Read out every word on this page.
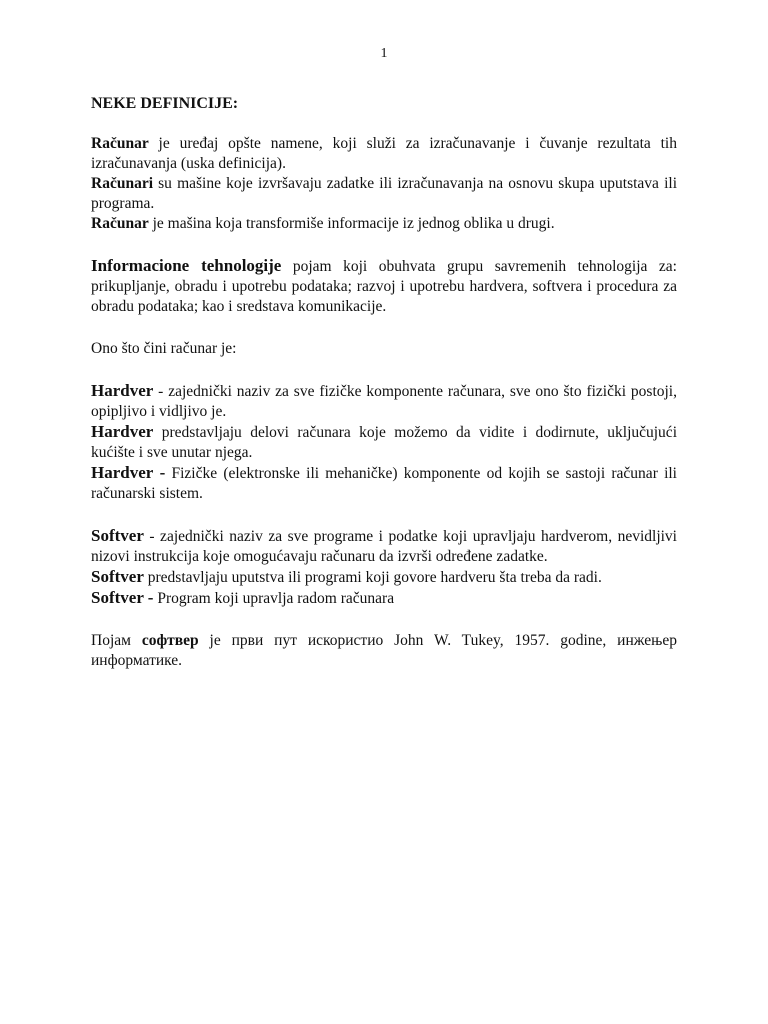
1

NEKE DEFINICIJE:

Računar je uređaj opšte namene, koji služi za izračunavanje i čuvanje rezultata tih izračunavanja (uska definicija).

Računari su mašine koje izvršavaju zadatke ili izračunavanja na osnovu skupa uputstava ili programa.

Računar je mašina koja transformiše informacije iz jednog oblika u drugi.

Informacione tehnologije pojam koji obuhvata grupu savremenih tehnologija za: prikupljanje, obradu i upotrebu podataka; razvoj i upotrebu hardvera, softvera i procedura za obradu podataka; kao i sredstava komunikacije.

Ono što čini računar je:

Hardver - zajednički naziv za sve fizičke komponente računara, sve ono što fizički postoji, opipljivo i vidljivo je.

Hardver predstavljaju delovi računara koje možemo da vidite i dodirnute, uključujući kućište i sve unutar njega.

Hardver - Fizičke (elektronske ili mehaničke) komponente od kojih se sastoji računar ili računarski sistem.

Softver - zajednički naziv za sve programe i podatke koji upravljaju hardverom, nevidljivi nizovi instrukcija koje omogućavaju računaru da izvrši određene zadatke.

Softver predstavljaju uputstva ili programi koji govore hardveru šta treba da radi.

Softver - Program koji upravlja radom računara

Појам софтвер је први пут искористио John W. Tukey, 1957. godine, инжењер информатике.
